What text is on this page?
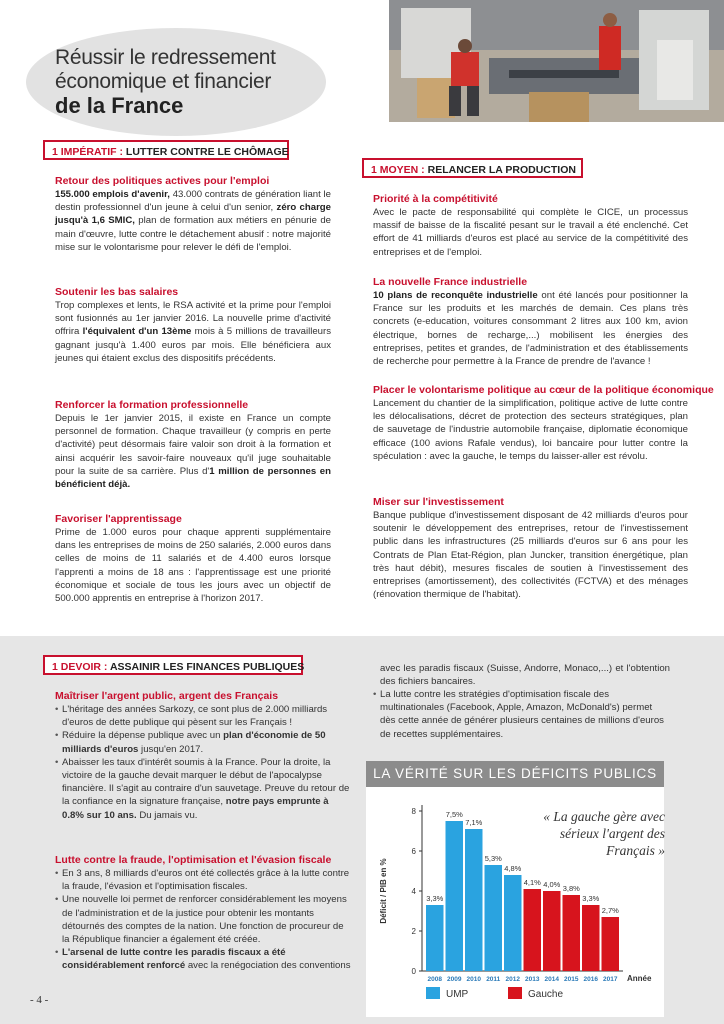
Réussir le redressement
économique et financier
de la France
1 IMPÉRATIF : LUTTER CONTRE LE CHÔMAGE
Retour des politiques actives pour l'emploi
155.000 emplois d'avenir, 43.000 contrats de génération liant le destin professionnel d'un jeune à celui d'un senior, zéro charge jusqu'à 1,6 SMIC, plan de formation aux métiers en pénurie de main d'œuvre, lutte contre le détachement abusif : notre majorité mise sur le volontarisme pour relever le défi de l'emploi.
Soutenir les bas salaires
Trop complexes et lents, le RSA activité et la prime pour l'emploi sont fusionnés au 1er janvier 2016. La nouvelle prime d'activité offrira l'équivalent d'un 13ème mois à 5 millions de travailleurs gagnant jusqu'à 1.400 euros par mois. Elle bénéficiera aux jeunes qui étaient exclus des dispositifs précédents.
Renforcer la formation professionnelle
Depuis le 1er janvier 2015, il existe en France un compte personnel de formation. Chaque travailleur (y compris en perte d'activité) peut désormais faire valoir son droit à la formation et ainsi acquérir les savoir-faire nouveaux qu'il juge souhaitable pour la suite de sa carrière. Plus d'1 million de personnes en bénéficient déjà.
Favoriser l'apprentissage
Prime de 1.000 euros pour chaque apprenti supplémentaire dans les entreprises de moins de 250 salariés, 2.000 euros dans celles de moins de 11 salariés et de 4.400 euros lorsque l'apprenti a moins de 18 ans : l'apprentissage est une priorité économique et sociale de tous les jours avec un objectif de 500.000 apprentis en entreprise à l'horizon 2017.
1 MOYEN : RELANCER LA PRODUCTION
Priorité à la compétitivité
Avec le pacte de responsabilité qui complète le CICE, un processus massif de baisse de la fiscalité pesant sur le travail a été enclenché. Cet effort de 41 milliards d'euros est placé au service de la compétitivité des entreprises et de l'emploi.
La nouvelle France industrielle
10 plans de reconquête industrielle ont été lancés pour positionner la France sur les produits et les marchés de demain. Ces plans très concrets (e-education, voitures consommant 2 litres aux 100 km, avion électrique, bornes de recharge,...) mobilisent les énergies des entreprises, petites et grandes, de l'administration et des établissements de recherche pour permettre à la France de prendre de l'avance !
Placer le volontarisme politique au cœur de la politique économique
Lancement du chantier de la simplification, politique active de lutte contre les délocalisations, décret de protection des secteurs stratégiques, plan de sauvetage de l'industrie automobile française, diplomatie économique efficace (100 avions Rafale vendus), loi bancaire pour lutter contre la spéculation : avec la gauche, le temps du laisser-aller est révolu.
Miser sur l'investissement
Banque publique d'investissement disposant de 42 milliards d'euros pour soutenir le développement des entreprises, retour de l'investissement public dans les infrastructures (25 milliards d'euros sur 6 ans pour les Contrats de Plan Etat-Région, plan Juncker, transition énergétique, plan très haut débit), mesures fiscales de soutien à l'investissement des entreprises (amortissement), des collectivités (FCTVA) et des ménages (rénovation thermique de l'habitat).
1 DEVOIR : ASSAINIR LES FINANCES PUBLIQUES
Maîtriser l'argent public, argent des Français
• L'héritage des années Sarkozy, ce sont plus de 2.000 milliards d'euros de dette publique qui pèsent sur les Français !
• Réduire la dépense publique avec un plan d'économie de 50 milliards d'euros jusqu'en 2017.
• Abaisser les taux d'intérêt soumis à la France. Pour la droite, la victoire de la gauche devait marquer le début de l'apocalypse financière. Il s'agit au contraire d'un sauvetage. Preuve du retour de la confiance en la signature française, notre pays emprunte à 0.8% sur 10 ans. Du jamais vu.
Lutte contre la fraude, l'optimisation et l'évasion fiscale
• En 3 ans, 8 milliards d'euros ont été collectés grâce à la lutte contre la fraude, l'évasion et l'optimisation fiscales.
• Une nouvelle loi permet de renforcer considérablement les moyens de l'administration et de la justice pour obtenir les montants détournés des comptes de la nation. Une fonction de procureur de la République financier a également été créée.
• L'arsenal de lutte contre les paradis fiscaux a été considérablement renforcé avec la renégociation des conventions
avec les paradis fiscaux (Suisse, Andorre, Monaco,...) et l'obtention des fichiers bancaires.
• La lutte contre les stratégies d'optimisation fiscale des multinationales (Facebook, Apple, Amazon, McDonald's) permet dès cette année de générer plusieurs centaines de millions d'euros de recettes supplémentaires.
LA VÉRITÉ SUR LES DÉFICITS PUBLICS
0
2
4
6
8
Déficit / PIB en %	3,3%
2008
7,5%
2009
7,1%
2010
5,3%
2011
4,8%
2012
4,1%
2013
4,0%
2014
3,8%
2015
3,3%
2016
2,7%
2017 Année
UMP	Gauche
« La gauche gère avec sérieux l'argent des Français »
- 4 -
